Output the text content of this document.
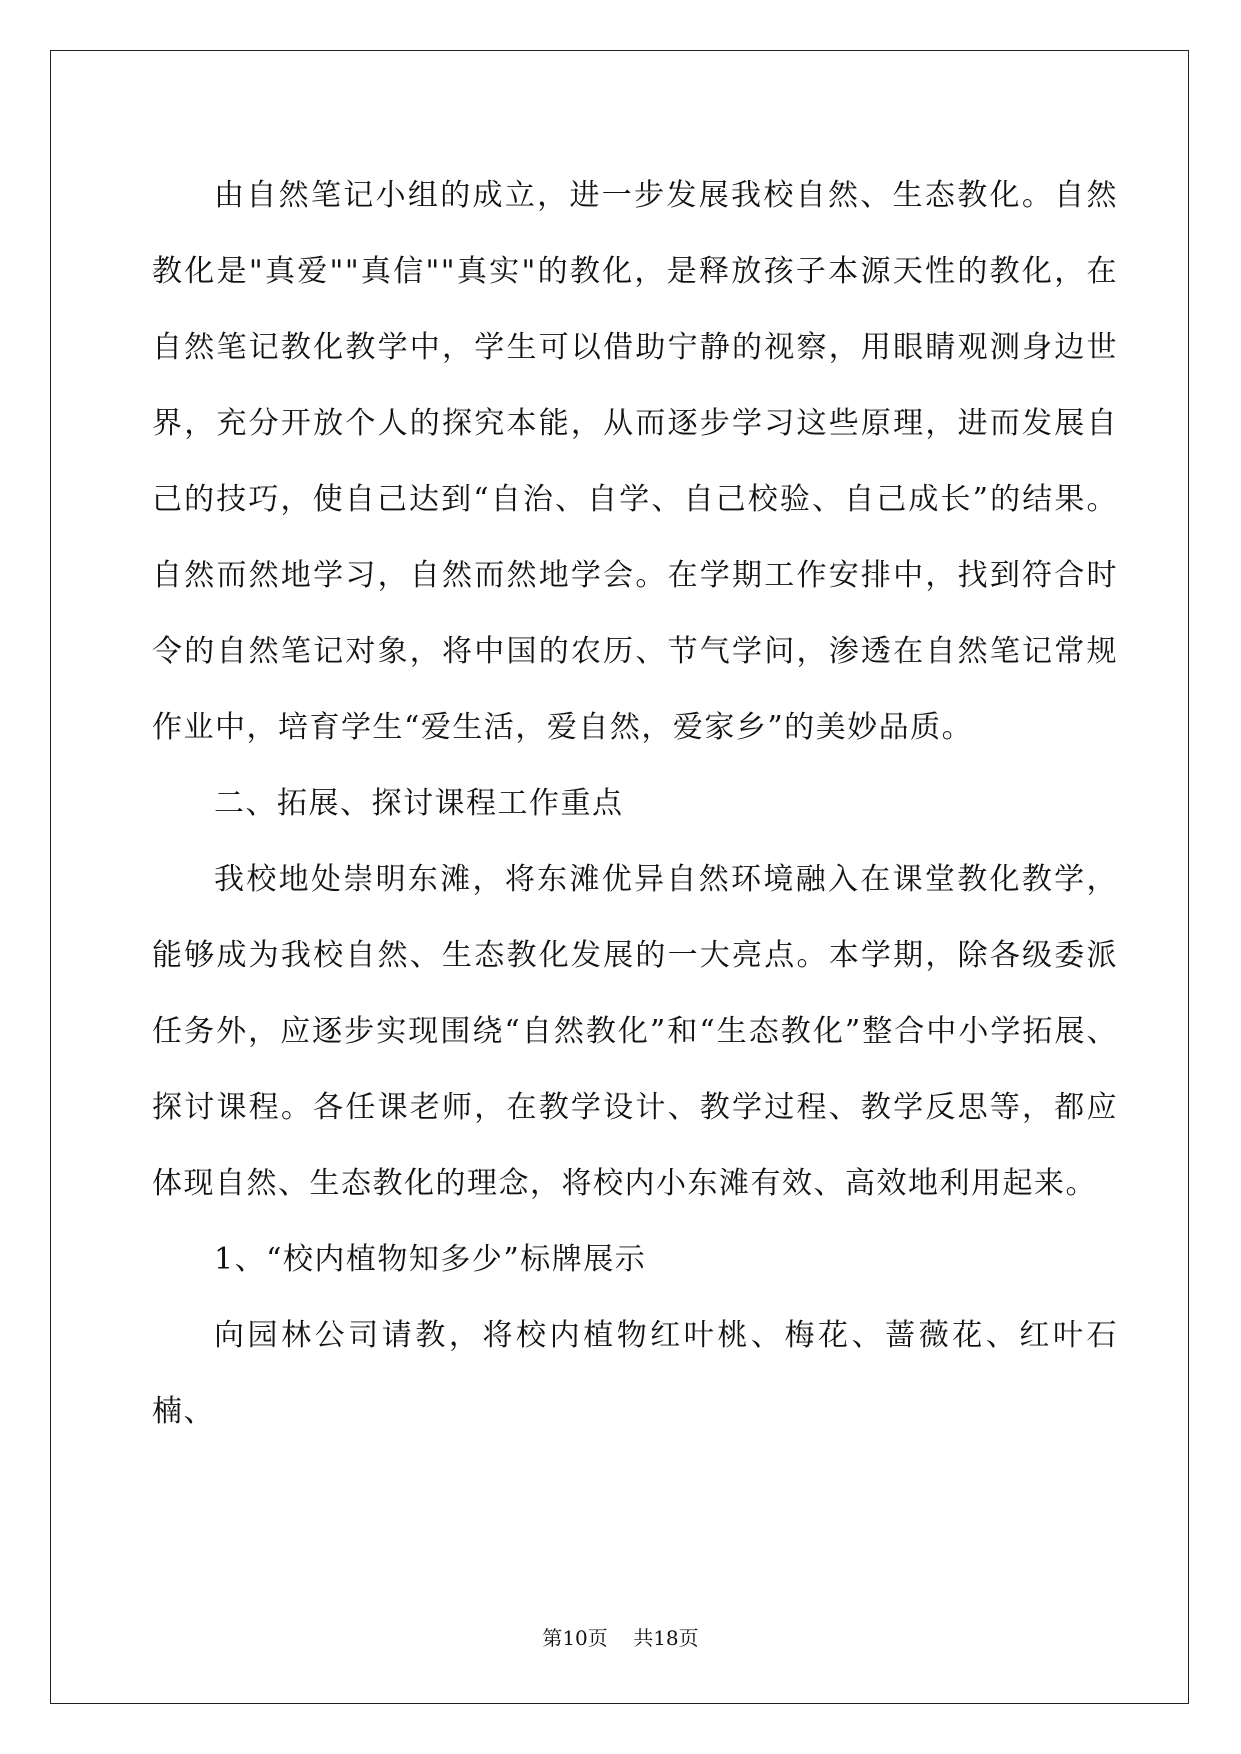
由自然笔记小组的成立，进一步发展我校自然、生态教化。自然教化是"真爱""真信""真实"的教化，是释放孩子本源天性的教化，在自然笔记教化教学中，学生可以借助宁静的视察，用眼睛观测身边世界，充分开放个人的探究本能，从而逐步学习这些原理，进而发展自己的技巧，使自己达到“自治、自学、自己校验、自己成长”的结果。自然而然地学习，自然而然地学会。在学期工作安排中，找到符合时令的自然笔记对象，将中国的农历、节气学问，渗透在自然笔记常规作业中，培育学生“爱生活，爱自然，爱家乡”的美妙品质。

二、拓展、探讨课程工作重点

我校地处崇明东滩，将东滩优异自然环境融入在课堂教化教学，能够成为我校自然、生态教化发展的一大亮点。本学期，除各级委派任务外，应逐步实现围绕“自然教化”和“生态教化”整合中小学拓展、探讨课程。各任课老师，在教学设计、教学过程、教学反思等，都应体现自然、生态教化的理念，将校内小东滩有效、高效地利用起来。

1、“校内植物知多少”标牌展示

向园林公司请教，将校内植物红叶桃、梅花、蔷薇花、红叶石楠、

第10页    共18页
